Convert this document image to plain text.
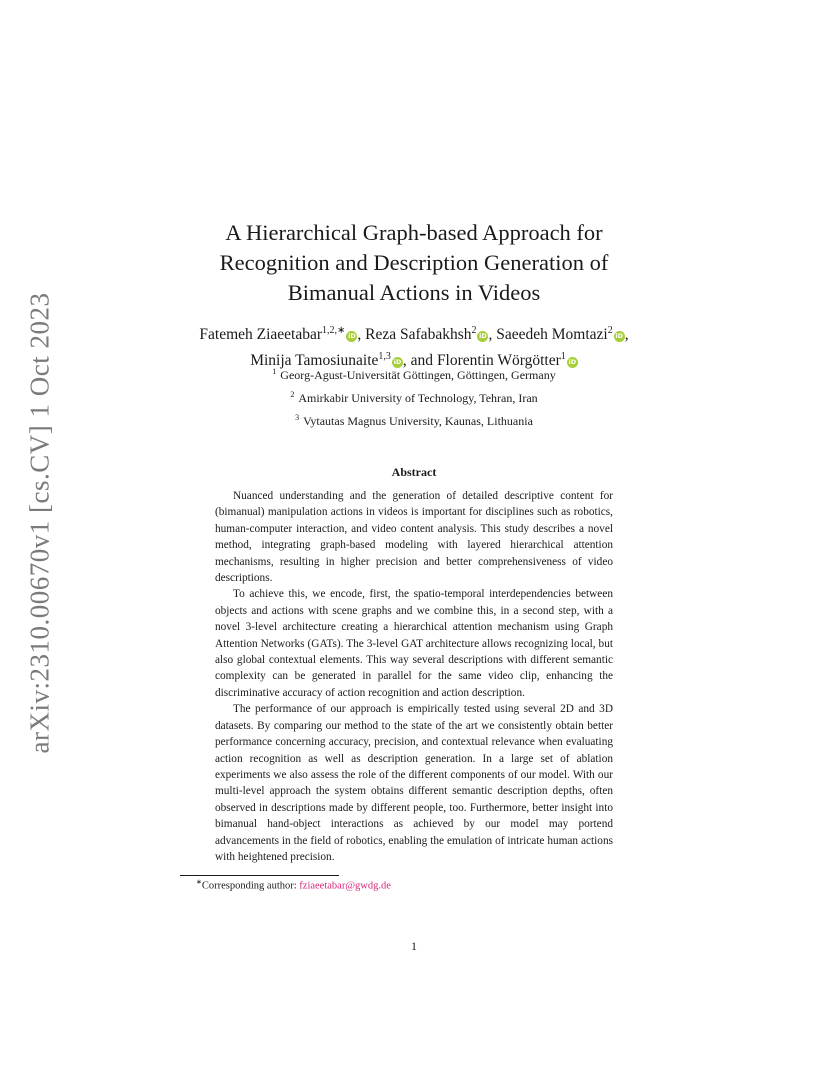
arXiv:2310.00670v1 [cs.CV] 1 Oct 2023
A Hierarchical Graph-based Approach for
Recognition and Description Generation of
Bimanual Actions in Videos
Fatemeh Ziaeetabar$^{1,2,∗}$iD , Reza Safabakhsh$^2$iD , Saeedeh Momtazi$^2$iD ,
Minija Tamosiunaite$^{1,3}$iD , and Florentin Wörgötter$^1$iD
$^1$ Georg-Agust-Universität Göttingen, Göttingen, Germany
$^2$ Amirkabir University of Technology, Tehran, Iran
$^3$ Vytautas Magnus University, Kaunas, Lithuania
Abstract

Nuanced understanding and the generation of detailed descriptive content for (bimanual) manipulation actions in videos is important for disciplines such as robotics, human-computer interaction, and video content analysis. This study describes a novel method, integrating graph-based modeling with layered hierarchical attention mechanisms, resulting in higher precision and better comprehensiveness of video descriptions.

To achieve this, we encode, first, the spatio-temporal interdependencies between objects and actions with scene graphs and we combine this, in a second step, with a novel 3-level architecture creating a hierarchical attention mechanism using Graph Attention Networks (GATs). The 3-level GAT architecture allows recognizing local, but also global contextual elements. This way several descriptions with different semantic complexity can be generated in parallel for the same video clip, enhancing the discriminative accuracy of action recognition and action description.

The performance of our approach is empirically tested using several 2D and 3D datasets. By comparing our method to the state of the art we consistently obtain better performance concerning accuracy, precision, and contextual relevance when evaluating action recognition as well as description generation. In a large set of ablation experiments we also assess the role of the different components of our model. With our multi-level approach the system obtains different semantic description depths, often observed in descriptions made by different people, too. Furthermore, better insight into bimanual hand-object interactions as achieved by our model may portend advancements in the field of robotics, enabling the emulation of intricate human actions with heightened precision.

∗Corresponding author: fziaeetabar@gwdg.de
1
